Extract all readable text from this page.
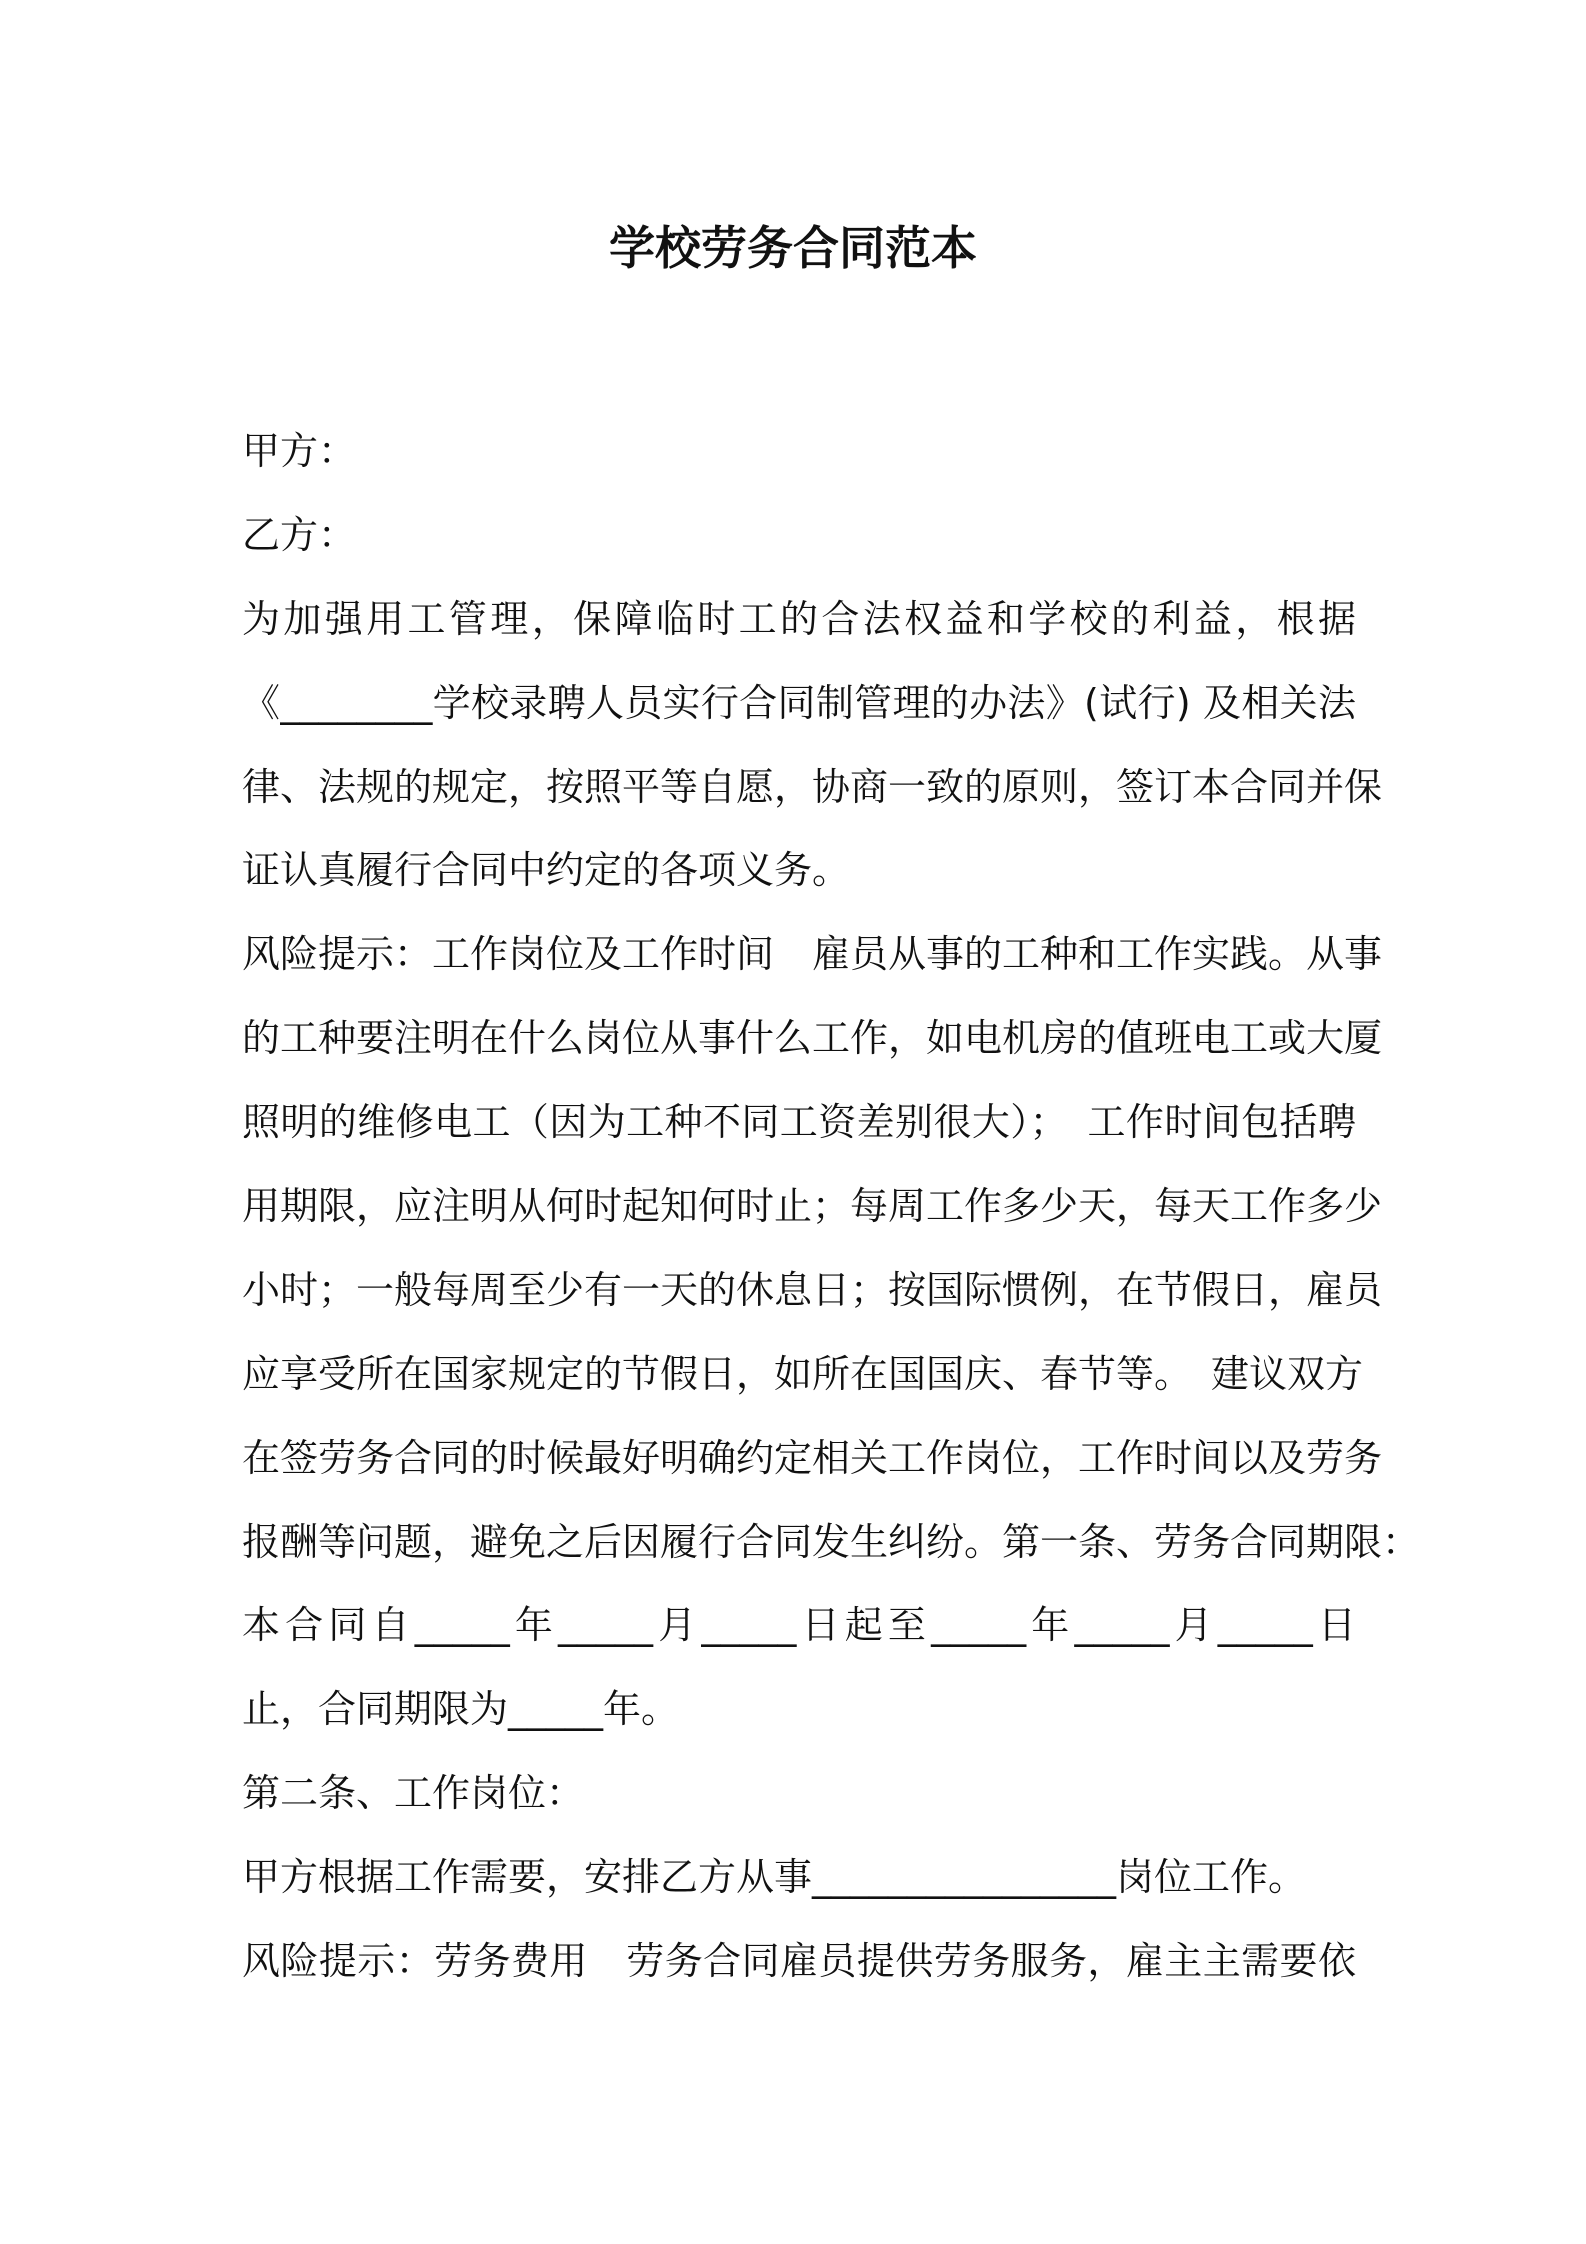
学校劳务合同范本
甲方：
乙方：
为加强用工管理，保障临时工的合法权益和学校的利益，根据
《________学校录聘人员实行合同制管理的办法》(试行) 及相关法
律、法规的规定，按照平等自愿，协商一致的原则，签订本合同并保
证认真履行合同中约定的各项义务。
风险提示：工作岗位及工作时间　雇员从事的工种和工作实践。从事
的工种要注明在什么岗位从事什么工作，如电机房的值班电工或大厦
照明的维修电工（因为工种不同工资差别很大）；　工作时间包括聘
用期限，应注明从何时起知何时止；每周工作多少天，每天工作多少
小时；一般每周至少有一天的休息日；按国际惯例，在节假日，雇员
应享受所在国家规定的节假日，如所在国国庆、春节等。　建议双方
在签劳务合同的时候最好明确约定相关工作岗位，工作时间以及劳务
报酬等问题，避免之后因履行合同发生纠纷。第一条、劳务合同期限：
本合同自_____年_____月_____日起至_____年_____月_____日
止，合同期限为_____年。
第二条、工作岗位：
甲方根据工作需要，安排乙方从事________________岗位工作。
风险提示：劳务费用　劳务合同雇员提供劳务服务，雇主主需要依
